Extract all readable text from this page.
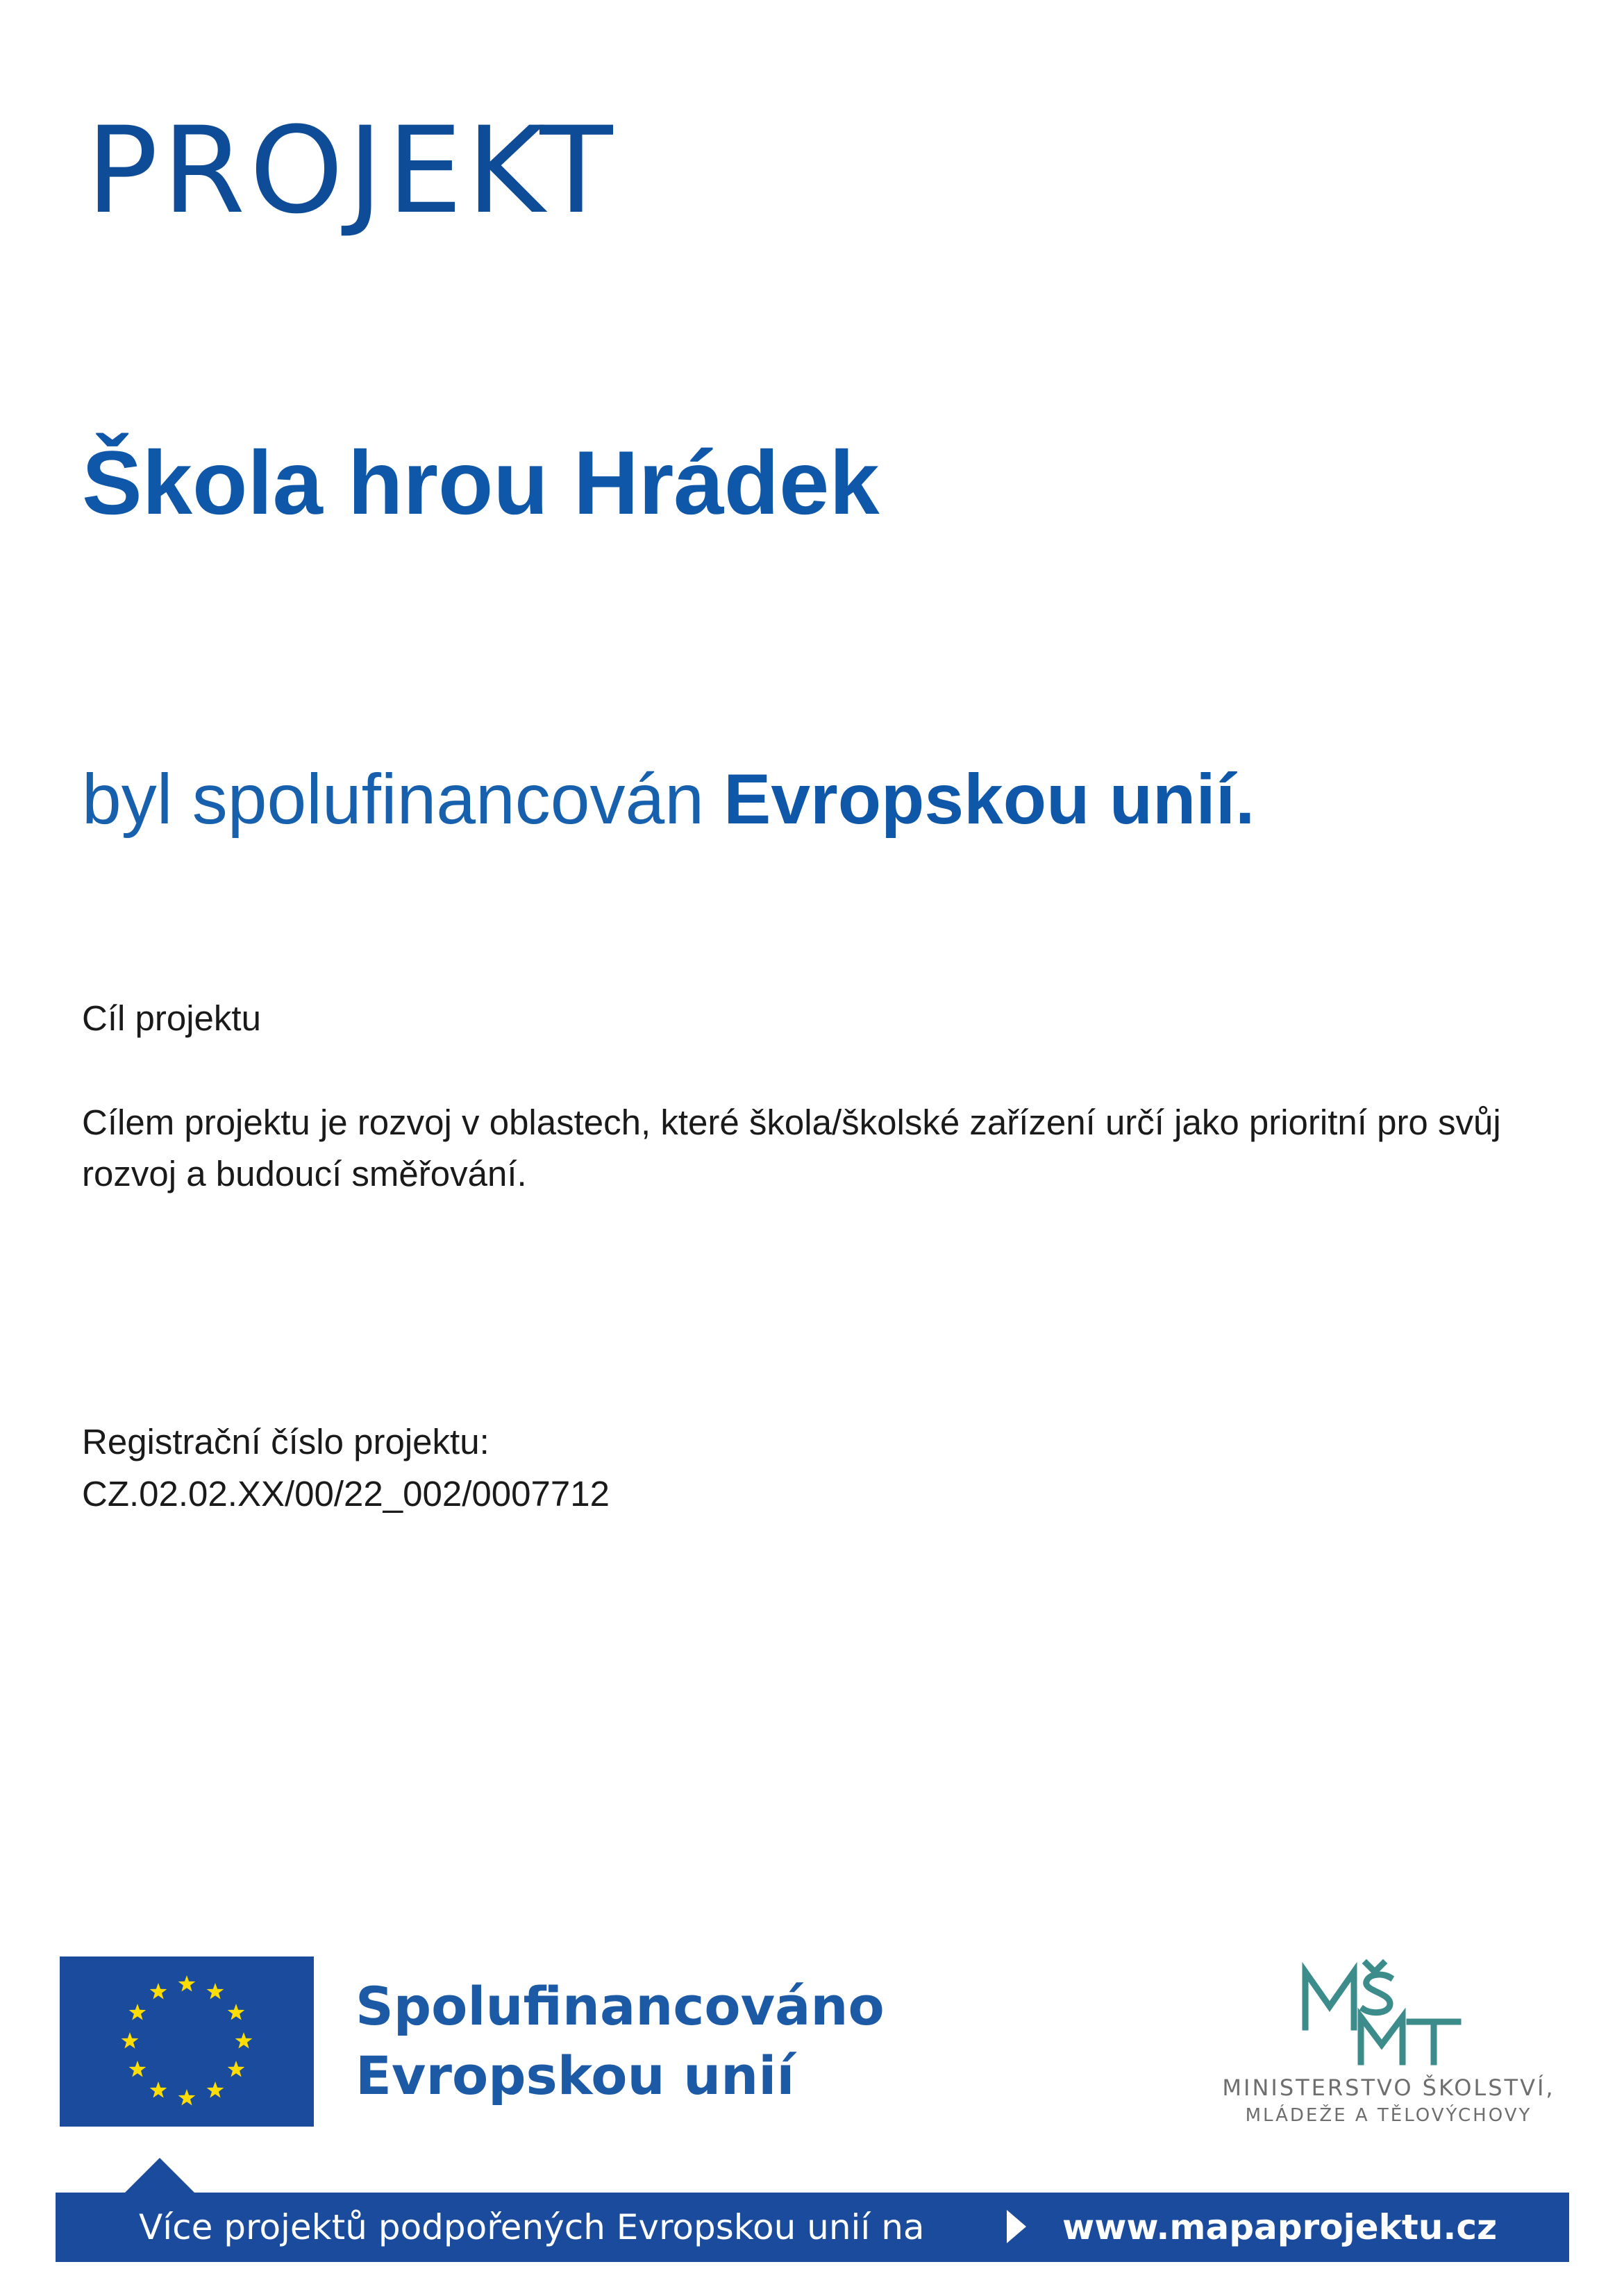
PROJEKT
Škola hrou Hrádek
byl spolufinancován Evropskou unií.
Cíl projektu
Cílem projektu je rozvoj v oblastech, které škola/školské zařízení určí jako prioritní pro svůj rozvoj a budoucí směřování.
Registrační číslo projektu:
CZ.02.02.XX/00/22_002/0007712
Spolufinancováno
Evropskou unií	MINISTERSTVO ŠKOLSTVÍ,
MLÁDEŽE A TĚLOVÝCHOVY
Více projektů podpořených Evropskou unií na	www.mapaprojektu.cz
